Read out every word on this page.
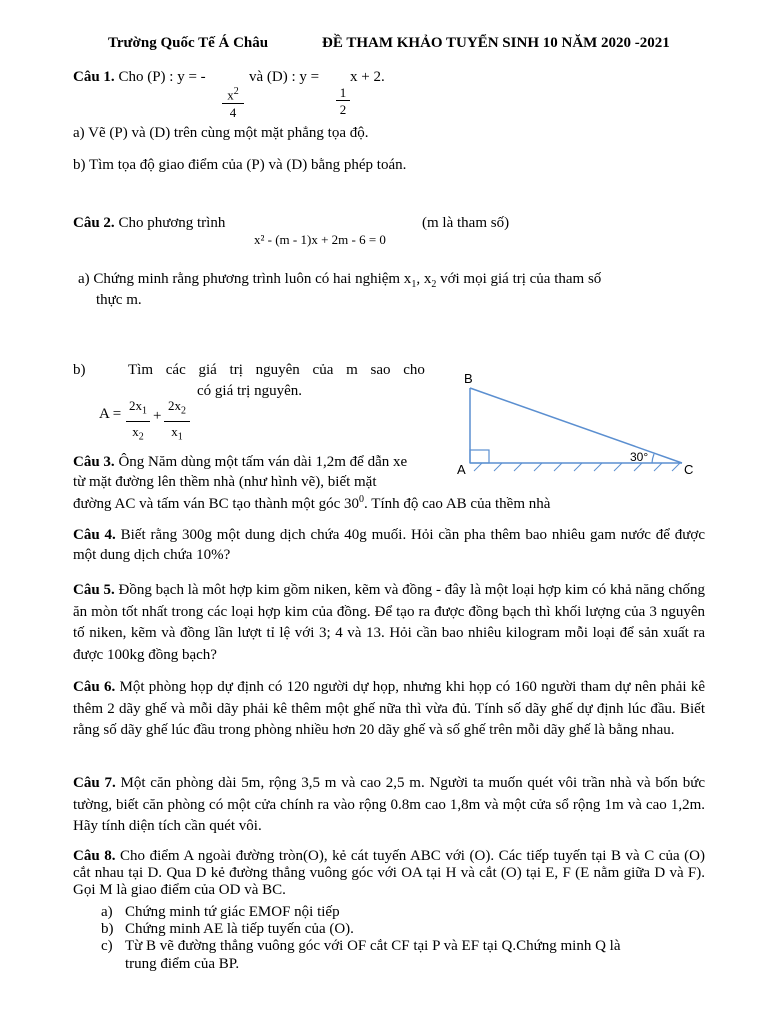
Trường Quốc Tế Á Châu	ĐỀ THAM KHẢO TUYỂN SINH 10 NĂM 2020 -2021
Câu 1. Cho (P) : y = -
$\frac{x^2}{4}$
và (D) : y =
$\frac{1}{2}$
x + 2.
a) Vẽ (P) và (D) trên cùng một mặt phẳng tọa độ.
b) Tìm tọa độ giao điểm của (P) và (D) bằng phép toán.
Câu 2. Cho phương trình
x² - (m - 1)x + 2m - 6 = 0
(m là tham số)
a) Chứng minh rằng phương trình luôn có hai nghiệm $x_1$, $x_2$ với mọi giá trị của tham số
thực m.
b)	Tìm các giá trị nguyên của m sao cho
có giá trị nguyên.
$A = \frac{2x_1}{x_2} + \frac{2x_2}{x_1}$
B
A	C
30°
Câu 3. Ông Năm dùng một tấm ván dài 1,2m để dẫn xe
từ mặt đường lên thềm nhà (như hình vẽ), biết mặt
đường AC và tấm ván BC tạo thành một góc $30^0$. Tính độ cao AB của thềm nhà
Câu 4. Biết rằng 300g một dung dịch chứa 40g muối. Hỏi cần pha thêm bao nhiêu gam nước để được một dung dịch chứa 10%?
Câu 5. Đồng bạch là môt hợp kim gồm niken, kẽm và đồng - đây là một loại hợp kim có khả năng chống ăn mòn tốt nhất trong các loại hợp kim của đồng. Để tạo ra được đồng bạch thì khối lượng của 3 nguyên tố niken, kẽm và đồng lần lượt tỉ lệ với 3; 4 và 13. Hỏi cần bao nhiêu kilogram mỗi loại để sản xuất ra được 100kg đồng bạch?
Câu 6. Một phòng họp dự định có 120 người dự họp, nhưng khi họp có 160 người tham dự nên phải kê thêm 2 dãy ghế và mỗi dãy phải kê thêm một ghế nữa thì vừa đủ. Tính số dãy ghế dự định lúc đầu. Biết rằng số dãy ghế lúc đầu trong phòng nhiều hơn 20 dãy ghế và số ghế trên mỗi dãy ghế là bằng nhau.
Câu 7. Một căn phòng dài 5m, rộng 3,5 m và cao 2,5 m. Người ta muốn quét vôi trần nhà và bốn bức tường, biết căn phòng có một cửa chính ra vào rộng 0.8m cao 1,8m và một cửa sổ rộng 1m và cao 1,2m. Hãy tính diện tích cần quét vôi.
Câu 8. Cho điểm A ngoài đường tròn(O), kẻ cát tuyến ABC với (O). Các tiếp tuyến tại B và C của (O) cắt nhau tại D. Qua D kẻ đường thẳng vuông góc với OA tại H và cắt (O) tại E, F (E nằm giữa D và F). Gọi M là giao điểm của OD và BC.
a) Chứng minh tứ giác EMOF nội tiếp
b) Chứng minh AE là tiếp tuyến của (O).
c) Từ B vẽ đường thẳng vuông góc với OF cắt CF tại P và EF tại Q.Chứng minh Q là
trung điểm của BP.
